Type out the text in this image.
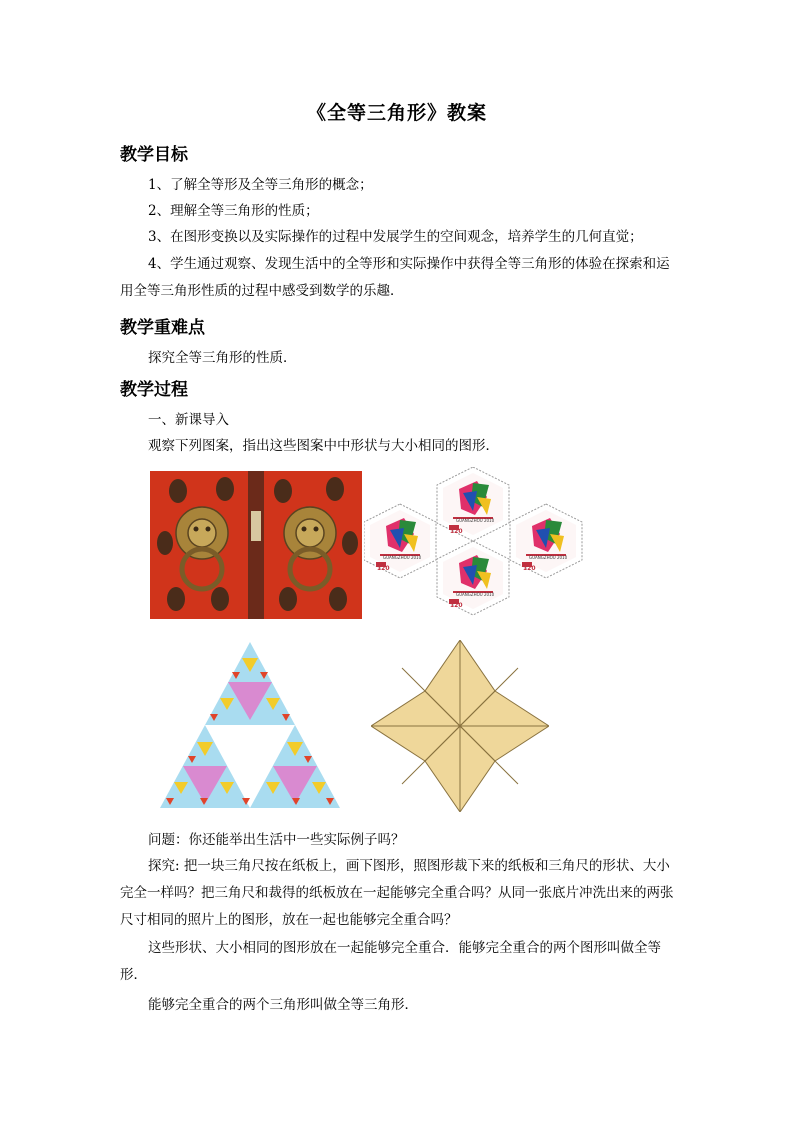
《全等三角形》教案
教学目标
1、了解全等形及全等三角形的概念；
2、理解全等三角形的性质；
3、在图形变换以及实际操作的过程中发展学生的空间观念，培养学生的几何直觉；
4、学生通过观察、发现生活中的全等形和实际操作中获得全等三角形的体验在探索和运用全等三角形性质的过程中感受到数学的乐趣．
教学重难点
探究全等三角形的性质．
教学过程
一、新课导入
观察下列图案，指出这些图案中中形状与大小相同的图形．
GUANGZHOU 2010
GUANGZHOU 2010	GUANGZHOU 2010
GUANGZHOU 2010
120
120	120
120
问题：你还能举出生活中一些实际例子吗？
探究: 把一块三角尺按在纸板上，画下图形，照图形裁下来的纸板和三角尺的形状、大小完全一样吗？把三角尺和裁得的纸板放在一起能够完全重合吗？从同一张底片冲洗出来的两张尺寸相同的照片上的图形，放在一起也能够完全重合吗？
这些形状、大小相同的图形放在一起能够完全重合．能够完全重合的两个图形叫做全等形．
能够完全重合的两个三角形叫做全等三角形．
